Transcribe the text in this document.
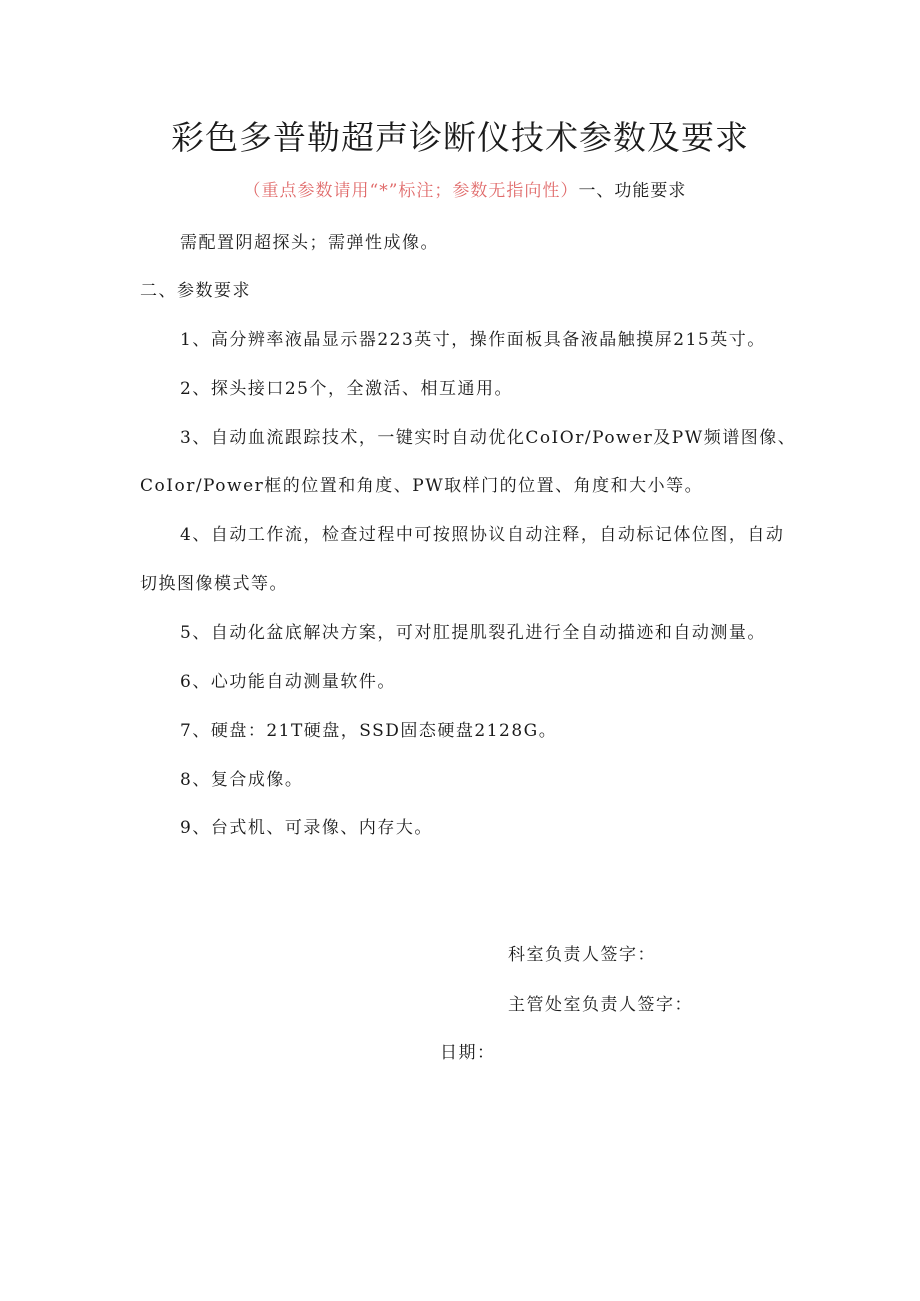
彩色多普勒超声诊断仪技术参数及要求
（重点参数请用“*”标注；参数无指向性）一、功能要求
需配置阴超探头；需弹性成像。
二、参数要求
1、高分辨率液晶显示器223英寸，操作面板具备液晶触摸屏215英寸。
2、探头接口25个，全激活、相互通用。
3、自动血流跟踪技术，一键实时自动优化CoIOr/Power及PW频谱图像、
CoIor/Power框的位置和角度、PW取样门的位置、角度和大小等。
4、自动工作流，检查过程中可按照协议自动注释，自动标记体位图，自动
切换图像模式等。
5、自动化盆底解决方案，可对肛提肌裂孔进行全自动描迹和自动测量。
6、心功能自动测量软件。
7、硬盘：21T硬盘，SSD固态硬盘2128G。
8、复合成像。
9、台式机、可录像、内存大。
科室负责人签字：
主管处室负责人签字：
日期：
